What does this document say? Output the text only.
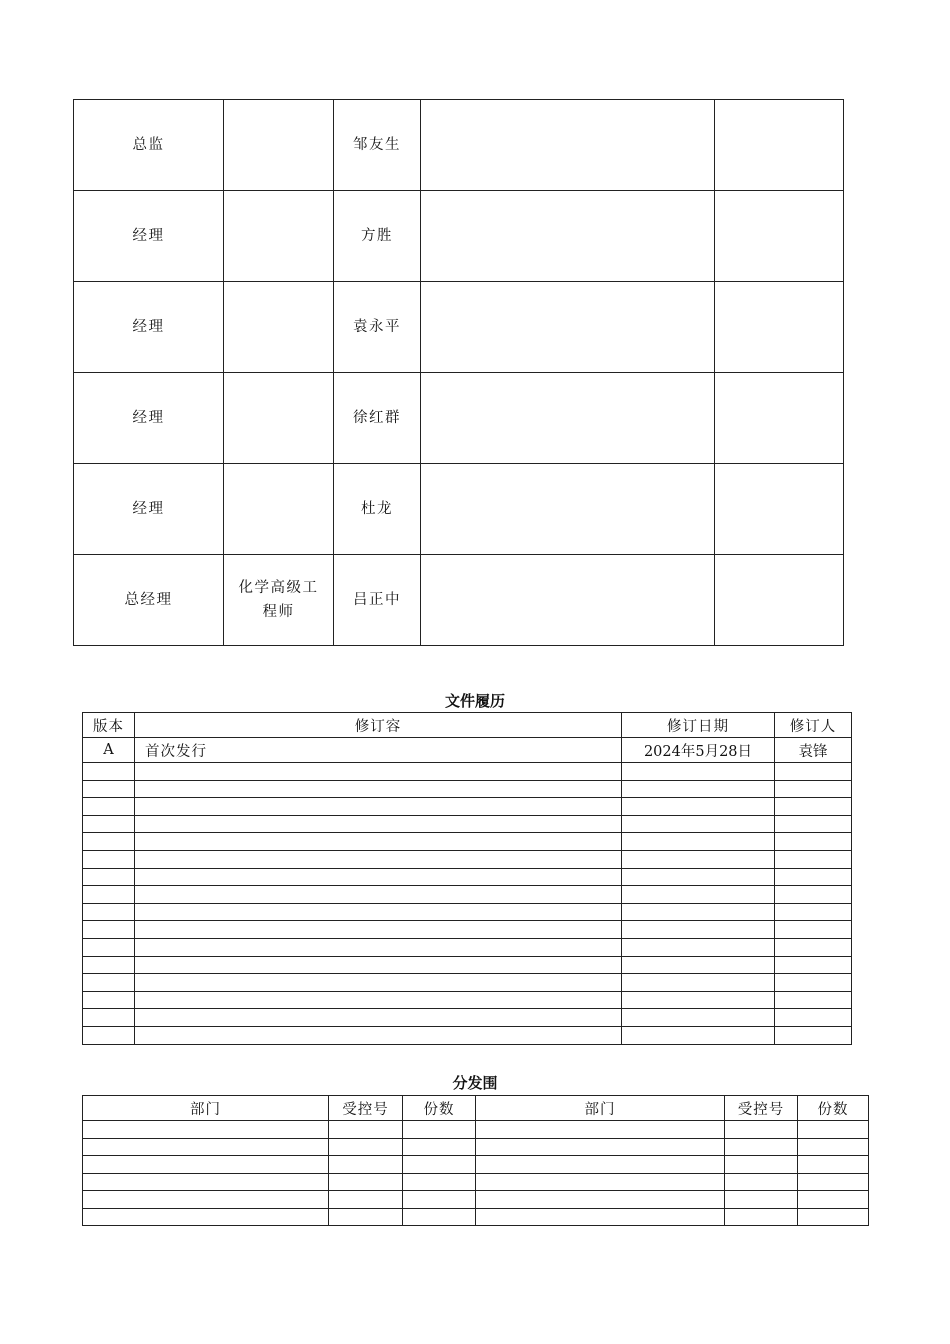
总监		邹友生		
经理		方胜		
经理		袁永平		
经理		徐红群		
经理		杜龙		
总经理	化学高级工程师	吕正中		
文件履历
版本	修订容	修订日期	修订人
A	首次发行	2024年5月28日	袁锋

分发围
部门	受控号	份数	部门	受控号	份数
